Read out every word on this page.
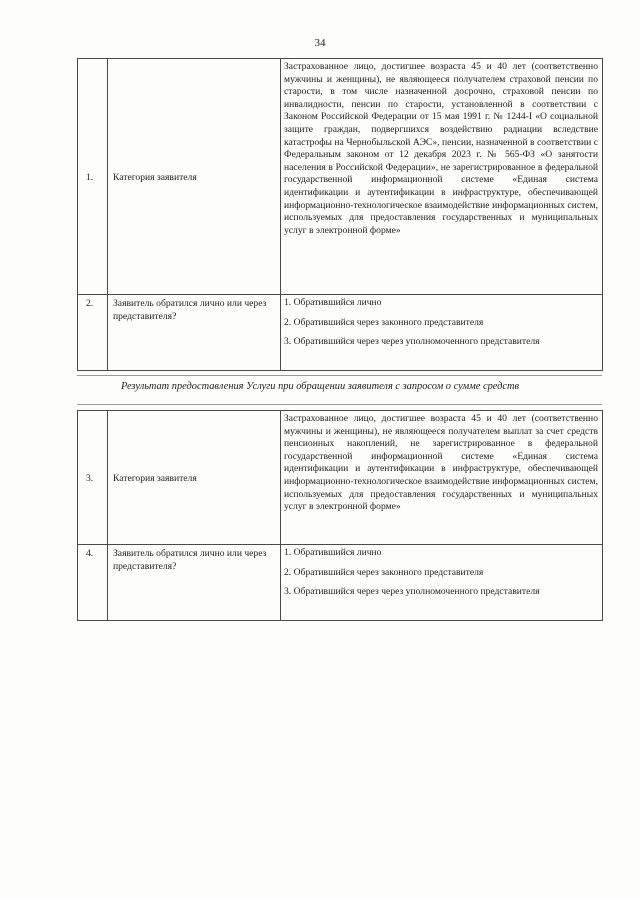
34
1.	Категория заявителя	Застрахованное лицо, достигшее возраста 45 и 40 лет (соответственно мужчины и женщины), не являющееся получателем страховой пенсии по старости, в том числе назначенной досрочно, страховой пенсии по инвалидности, пенсии по старости, установленной в соответствии с Законом Российской Федерации от 15 мая 1991 г. № 1244-I «О социальной защите граждан, подвергшихся воздействию радиации вследствие катастрофы на Чернобыльской АЭС», пенсии, назначенной в соответствии с Федеральным законом от 12 декабря 2023 г. № 565-ФЗ «О занятости населения в Российской Федерации», не зарегистрированное в федеральной государственной информационной системе «Единая система идентификации и аутентификации в инфраструктуре, обеспечивающей информационно-технологическое взаимодействие информационных систем, используемых для предоставления государственных и муниципальных услуг в электронной форме»
2.	Заявитель обратился лично или через представителя?	1. Обратившийся лично
2. Обратившийся через законного представителя
3. Обратившийся через через уполномоченного представителя
Результат предоставления Услуги при обращении заявителя с запросом о сумме средств
3.	Категория заявителя	Застрахованное лицо, достигшее возраста 45 и 40 лет (соответственно мужчины и женщины), не являющееся получателем выплат за счет средств пенсионных накоплений, не зарегистрированное в федеральной государственной информационной системе «Единая система идентификации и аутентификации в инфраструктуре, обеспечивающей информационно-технологическое взаимодействие информационных систем, используемых для предоставления государственных и муниципальных услуг в электронной форме»
4.	Заявитель обратился лично или через представителя?	1. Обратившийся лично
2. Обратившийся через законного представителя
3. Обратившийся через через уполномоченного представителя
